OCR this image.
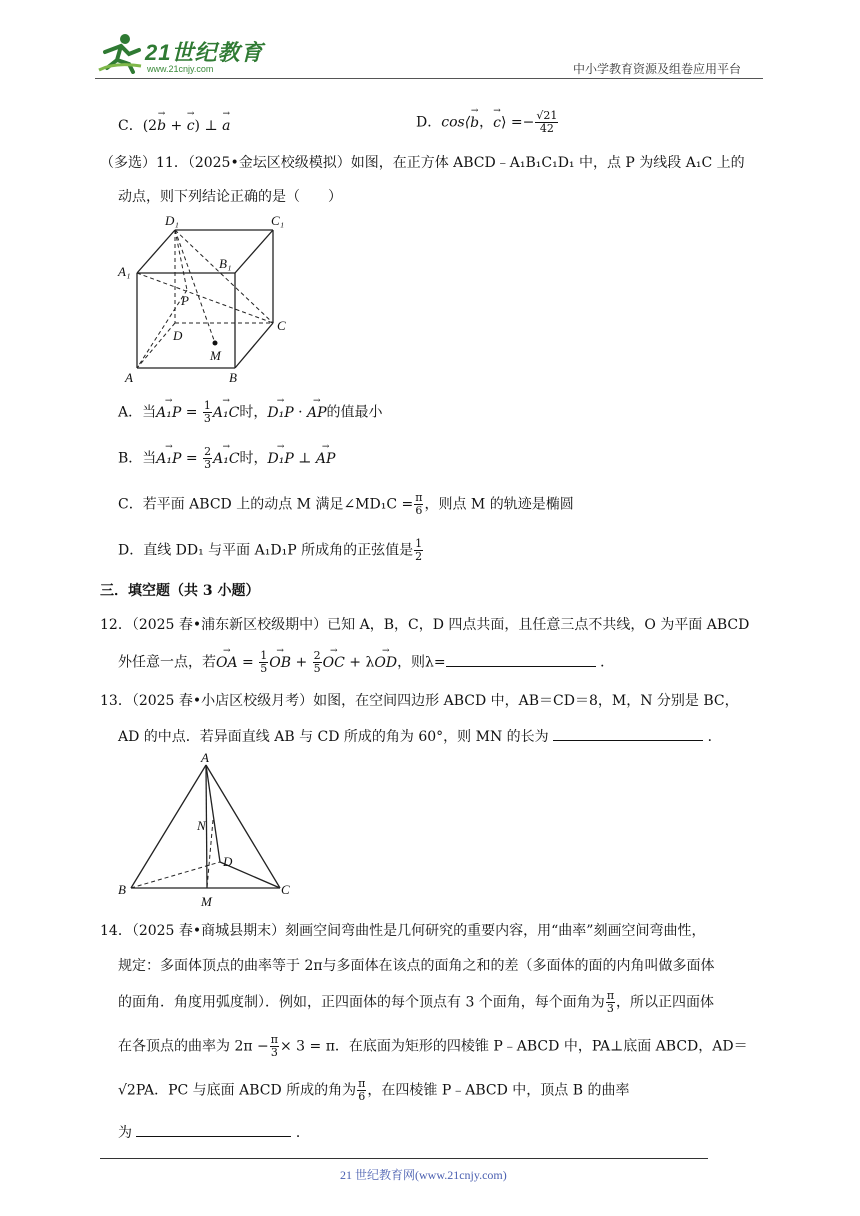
21世纪教育
www.21cnjy.com	中小学教育资源及组卷应用平台
C．(2→ b + → c) ⊥ → a	D．cos⟨→ b，→ c⟩ =− $\frac{√21}{42}$
（多选）11．（2025•金坛区校级模拟）如图，在正方体 ABCD﹣A₁B₁C₁D₁ 中，点 P 为线段 A₁C 上的
动点，则下列结论正确的是（　　）
D₁	C₁
A₁
B₁
P
C
D
M
A	B
A．当→ $A_1P = \frac{1}{3}$
→ A₁C时，→ D₁P · → AP的值最小
B．当→ $A_1P = \frac{2}{3}$
→ A₁C时，→ D₁P ⊥ → AP
C．若平面 ABCD 上的动点 M 满足∠MD₁C = $\frac{\pi}{6}$ ，则点 M 的轨迹是椭圆
D．直线 DD₁ 与平面 A₁D₁P 所成角的正弦值是 $\frac{1}{2}$
三．填空题（共 3 小题）
12．（2025 春•浦东新区校级期中）已知 A，B，C，D 四点共面，且任意三点不共线，O 为平面 ABCD
外任意一点，若→ OA = $\frac{1}{5}$
→ OB + $\frac{2}{5}$
→ OC + λ→ OD，则λ=	．
13．（2025 春•小店区校级月考）如图，在空间四边形 ABCD 中，AB＝CD＝8，M，N 分别是 BC，
AD 的中点．若异面直线 AB 与 CD 所成的角为 60°，则 MN 的长为	．
A
N
D
B
M
C
14．（2025 春•商城县期末）刻画空间弯曲性是几何研究的重要内容，用“曲率”刻画空间弯曲性，
规定：多面体顶点的曲率等于 2π与多面体在该点的面角之和的差（多面体的面的内角叫做多面体
的面角．角度用弧度制）．例如，正四面体的每个顶点有 3 个面角，每个面角为 $\frac{\pi}{3}$ ，所以正四面体
在各顶点的曲率为 $2\pi - \frac{\pi}{3} \times 3 = \pi$．在底面为矩形的四棱锥 P﹣ABCD 中，PA⊥底面 ABCD，AD＝
√2PA．PC 与底面 ABCD 所成的角为 $\frac{\pi}{6}$ ，在四棱锥 P﹣ABCD 中，顶点 B 的曲率
为	．
21 世纪教育网(www.21cnjy.com)
